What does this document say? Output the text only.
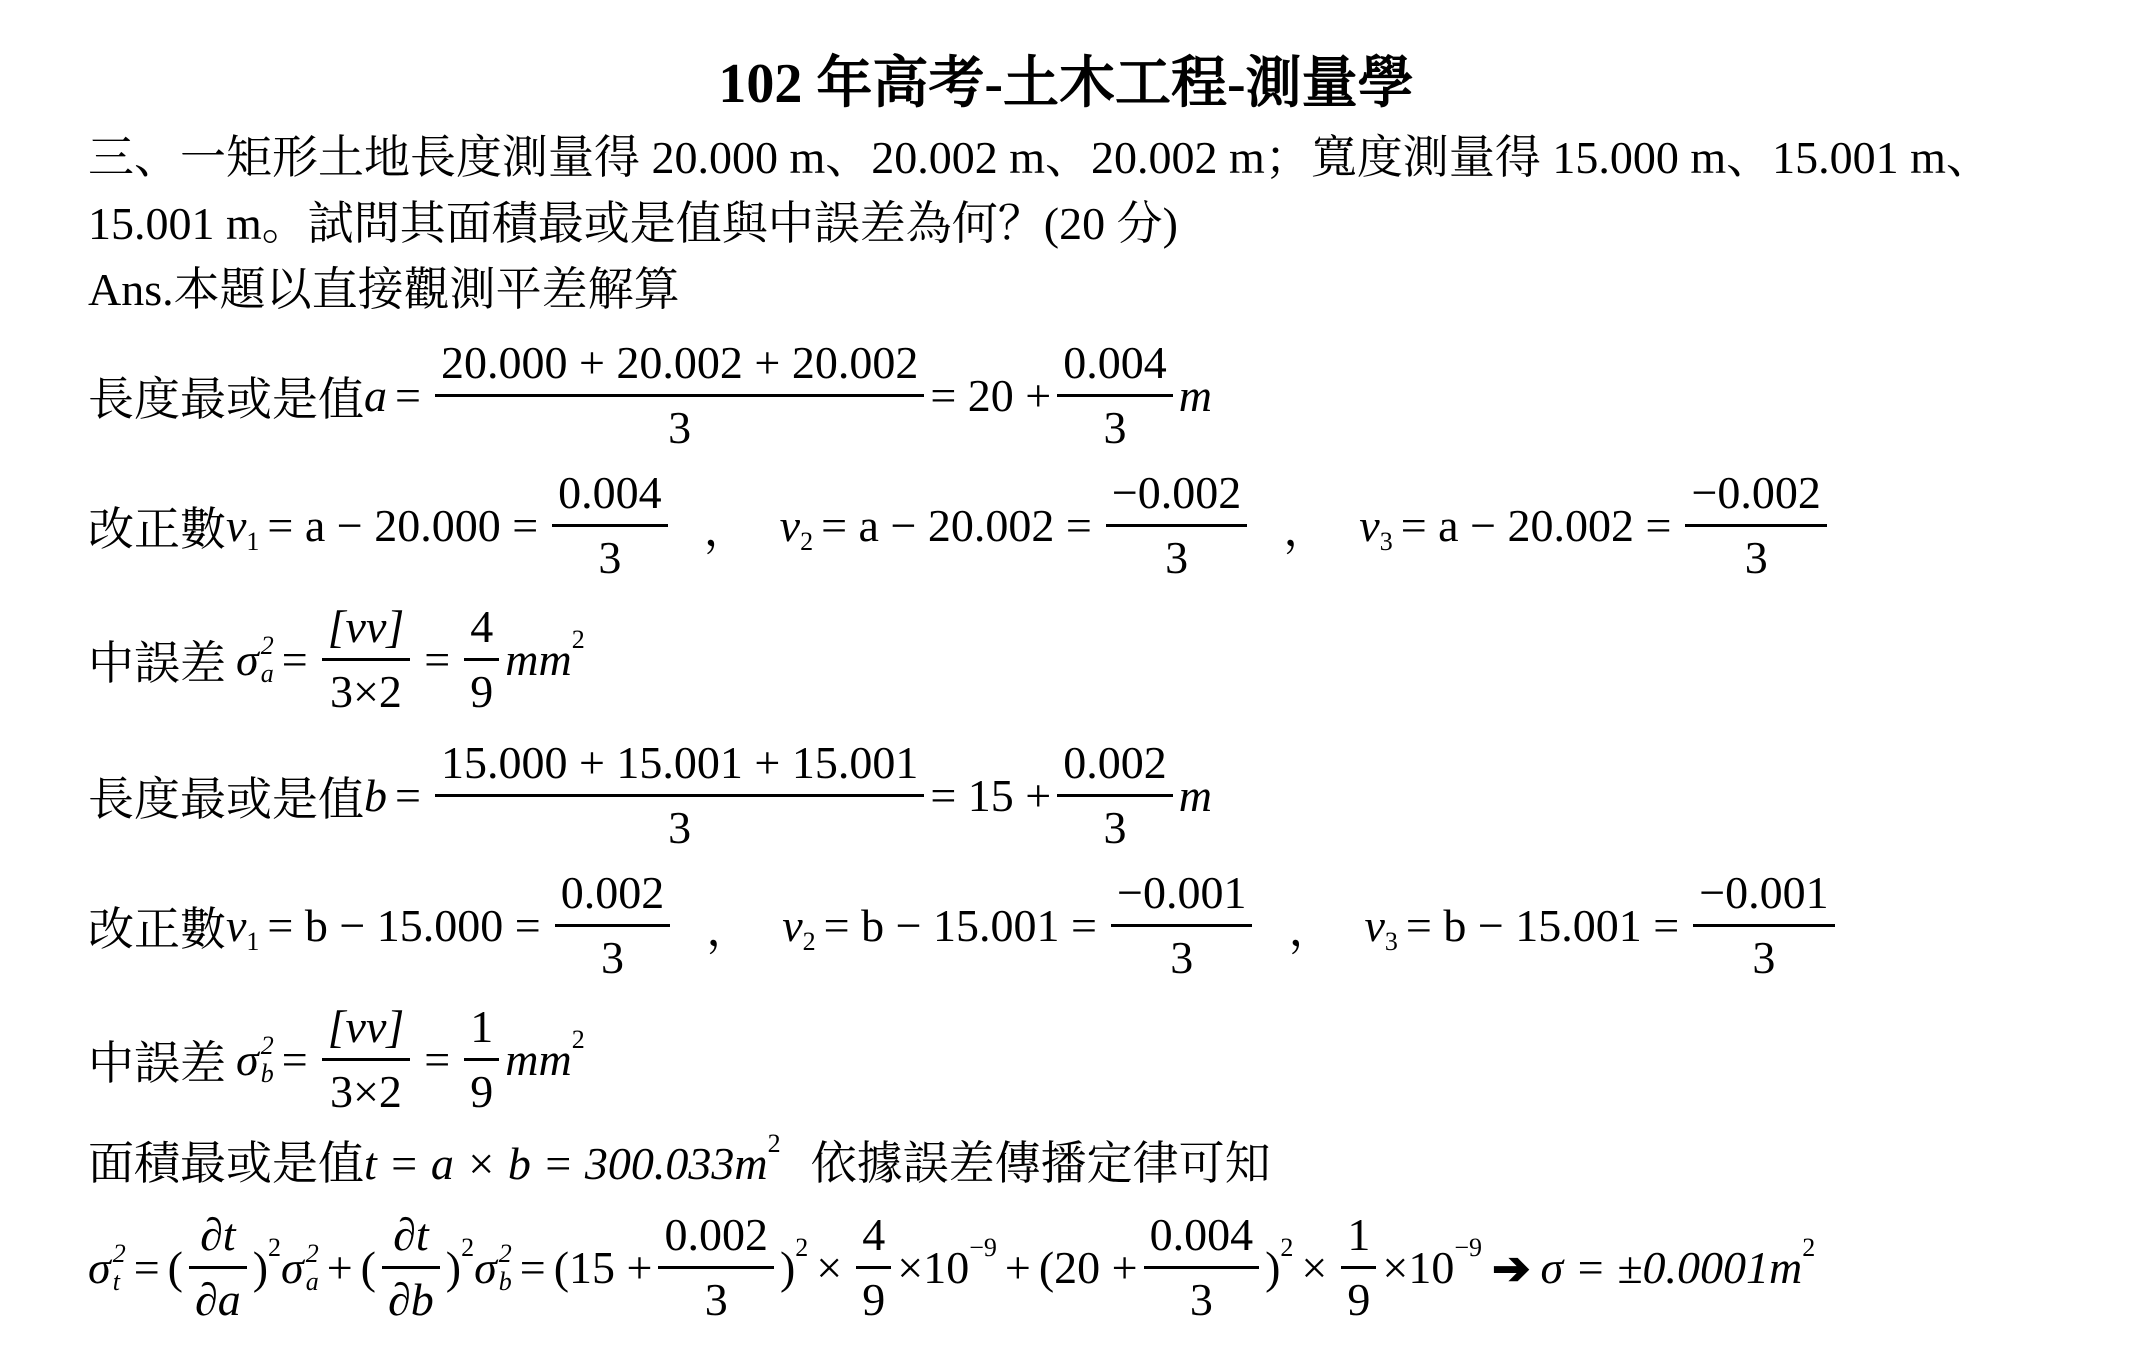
102 年高考-土木工程-測量學
三、一矩形土地長度測量得 20.000 m、20.002 m、20.002 m；寬度測量得 15.000 m、15.001 m、
15.001 m。試問其面積最或是值與中誤差為何？(20 分)
Ans.本題以直接觀測平差解算
長度最或是值 $a = \frac{20.000 + 20.002 + 20.002}{3} = 20 + \frac{0.004}{3}$ m
改正數 v $1 = a - 20.000 = \frac{0.004}{3}$ ， v $2 = a - 20.002 = \frac{-0.002}{3}$ ， v $3 = a - 20.002 = \frac{-0.002}{3}$
中誤差 σ 2
$a = \frac{[vv]}{3\times 2} = \frac{4}{9}$ mm 2
長度最或是值 $b = \frac{15.000 + 15.001 + 15.001}{3} = 15 + \frac{0.002}{3}$ m
改正數 v $1 = b - 15.000 = \frac{0.002}{3}$ ， v $2 = b - 15.001 = \frac{-0.001}{3}$ ， v $3 = b - 15.001 = \frac{-0.001}{3}$
中誤差 σ 2
$b = \frac{[vv]}{3\times 2} = \frac{1}{9}$ mm 2
面積最或是值 t = a × b = 300.033 m 2 依據誤差傳播定律可知
σ 2
t = ( $\frac{\partial t}{\partial a}$ ) 2 σ 2
a + ( $\frac{\partial t}{\partial b}$ ) 2 σ 2
$b = (15 + \frac{0.002}{3}$ ) $2 \times \frac{4}{9} \times 10 -9 + (20 + \frac{0.004}{3}$ ) $2 \times \frac{1}{9} \times 10 -9$ ➔ σ = ±0.0001 m 2
